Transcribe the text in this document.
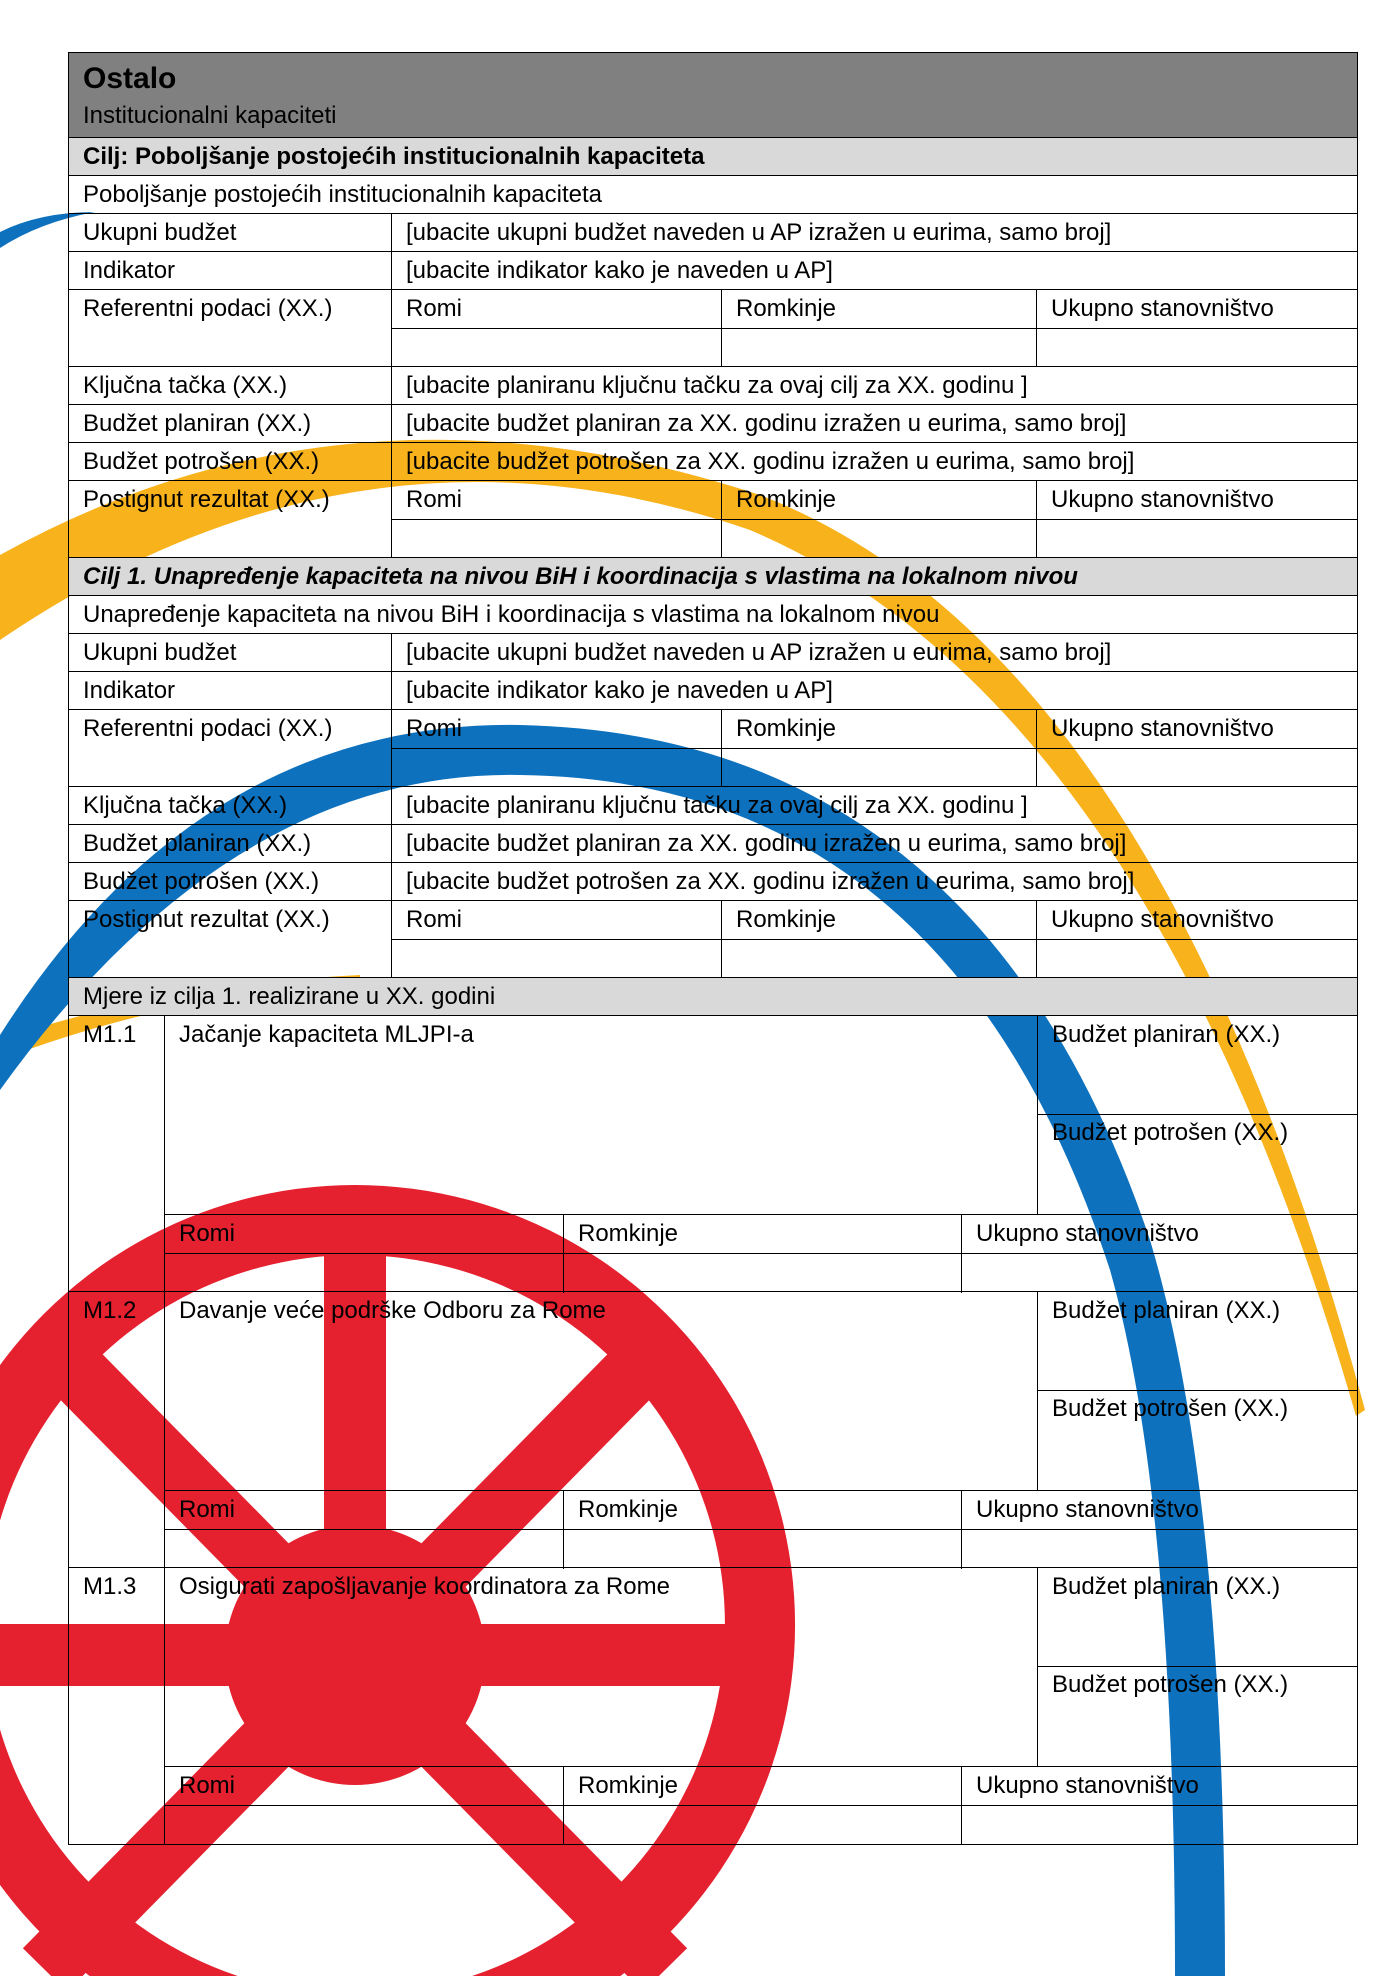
Ostalo
Institucionalni kapaciteti
Cilj: Poboljšanje postojećih institucionalnih kapaciteta
Poboljšanje postojećih institucionalnih kapaciteta
Ukupni budžet	[ubacite ukupni budžet naveden u AP izražen u eurima, samo broj]
Indikator	[ubacite indikator kako je naveden u AP]
Referentni podaci (XX.)	Romi	Romkinje	Ukupno stanovništvo
Ključna tačka (XX.)	[ubacite planiranu ključnu tačku za ovaj cilj za XX. godinu ]
Budžet planiran (XX.)	[ubacite budžet planiran za XX. godinu izražen u eurima, samo broj]
Budžet potrošen (XX.)	[ubacite budžet potrošen za XX. godinu izražen u eurima, samo broj]
Postignut rezultat (XX.)	Romi	Romkinje	Ukupno stanovništvo
Cilj 1. Unapređenje kapaciteta na nivou BiH i koordinacija s vlastima na lokalnom nivou
Unapređenje kapaciteta na nivou BiH i koordinacija s vlastima na lokalnom nivou
Ukupni budžet	[ubacite ukupni budžet naveden u AP izražen u eurima, samo broj]
Indikator	[ubacite indikator kako je naveden u AP]
Referentni podaci (XX.)	Romi	Romkinje	Ukupno stanovništvo
Ključna tačka (XX.)	[ubacite planiranu ključnu tačku za ovaj cilj za XX. godinu ]
Budžet planiran (XX.)	[ubacite budžet planiran za XX. godinu izražen u eurima, samo broj]
Budžet potrošen (XX.)	[ubacite budžet potrošen za XX. godinu izražen u eurima, samo broj]
Postignut rezultat (XX.)	Romi	Romkinje	Ukupno stanovništvo
Mjere iz cilja 1. realizirane u XX. godini
M1.1 Jačanje kapaciteta MLJPI-a	Budžet planiran (XX.)
Budžet potrošen (XX.)
Romi	Romkinje	Ukupno stanovništvo
M1.2 Davanje veće podrške Odboru za Rome	Budžet planiran (XX.)
Budžet potrošen (XX.)
Romi	Romkinje	Ukupno stanovništvo
M1.3 Osigurati zapošljavanje koordinatora za Rome	Budžet planiran (XX.)
Budžet potrošen (XX.)
Romi	Romkinje	Ukupno stanovništvo
